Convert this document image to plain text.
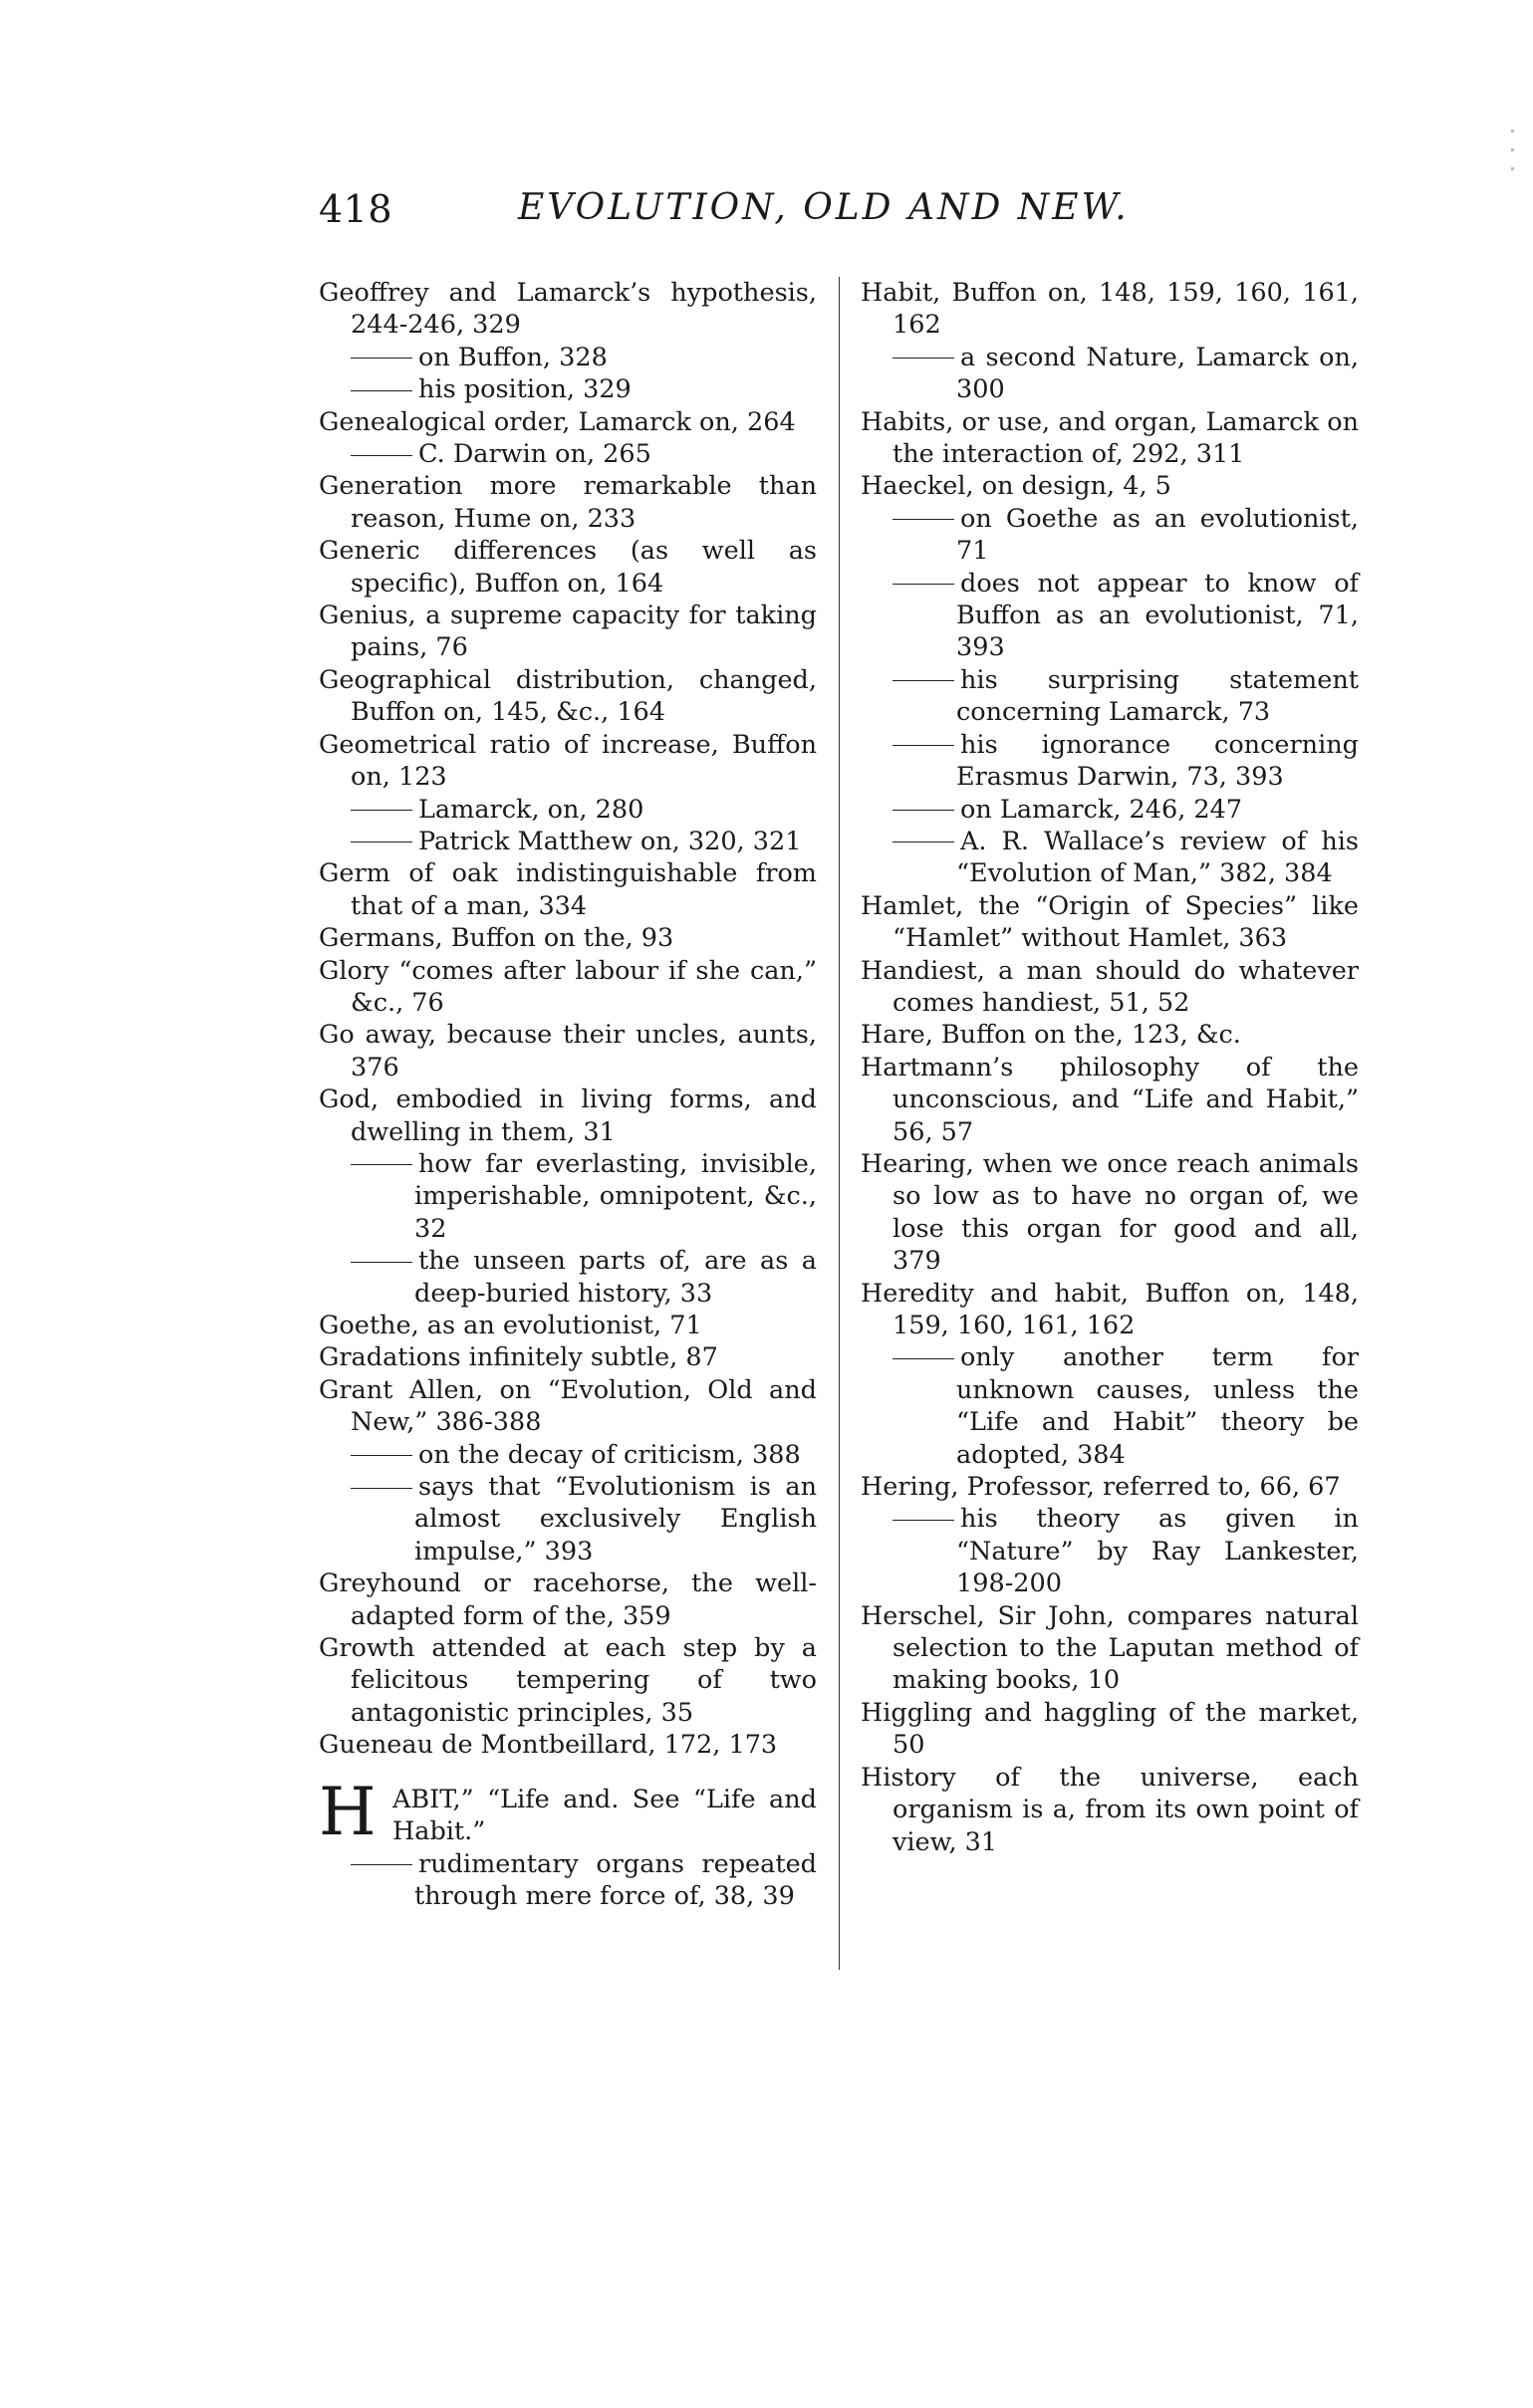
418	EVOLUTION, OLD AND NEW.

Geoffrey and Lamarck’s hypothesis, 244-246, 329

on Buffon, 328

his position, 329

Genealogical order, Lamarck on, 264

C. Darwin on, 265

Generation more remarkable than reason, Hume on, 233

Generic differences (as well as specific), Buffon on, 164

Genius, a supreme capacity for taking pains, 76

Geographical distribution, changed, Buffon on, 145, &c., 164

Geometrical ratio of increase, Buffon on, 123

Lamarck, on, 280

Patrick Matthew on, 320, 321

Germ of oak indistinguishable from that of a man, 334

Germans, Buffon on the, 93

Glory “comes after labour if she can,” &c., 76

Go away, because their uncles, aunts, 376

God, embodied in living forms, and dwelling in them, 31

how far everlasting, invisible, imperishable, omnipotent, &c., 32

the unseen parts of, are as a deep-buried history, 33

Goethe, as an evolutionist, 71

Gradations infinitely subtle, 87

Grant Allen, on “Evolution, Old and New,” 386-388

on the decay of criticism, 388

says that “Evolutionism is an almost exclusively English impulse,” 393

Greyhound or racehorse, the well-adapted form of the, 359

Growth attended at each step by a felicitous tempering of two antagonistic principles, 35

Gueneau de Montbeillard, 172, 173

H ABIT,” “Life and. See “Life and Habit.”

rudimentary organs repeated through mere force of, 38, 39

Habit, Buffon on, 148, 159, 160, 161, 162

a second Nature, Lamarck on, 300

Habits, or use, and organ, Lamarck on the interaction of, 292, 311

Haeckel, on design, 4, 5

on Goethe as an evolutionist, 71

does not appear to know of Buffon as an evolutionist, 71, 393

his surprising statement concerning Lamarck, 73

his ignorance concerning Erasmus Darwin, 73, 393

on Lamarck, 246, 247

A. R. Wallace’s review of his “Evolution of Man,” 382, 384

Hamlet, the “Origin of Species” like “Hamlet” without Hamlet, 363

Handiest, a man should do whatever comes handiest, 51, 52

Hare, Buffon on the, 123, &c.

Hartmann’s philosophy of the unconscious, and “Life and Habit,” 56, 57

Hearing, when we once reach animals so low as to have no organ of, we lose this organ for good and all, 379

Heredity and habit, Buffon on, 148, 159, 160, 161, 162

only another term for unknown causes, unless the “Life and Habit” theory be adopted, 384

Hering, Professor, referred to, 66, 67

his theory as given in “Nature” by Ray Lankester, 198-200

Herschel, Sir John, compares natural selection to the Laputan method of making books, 10

Higgling and haggling of the market, 50

History of the universe, each organism is a, from its own point of view, 31
